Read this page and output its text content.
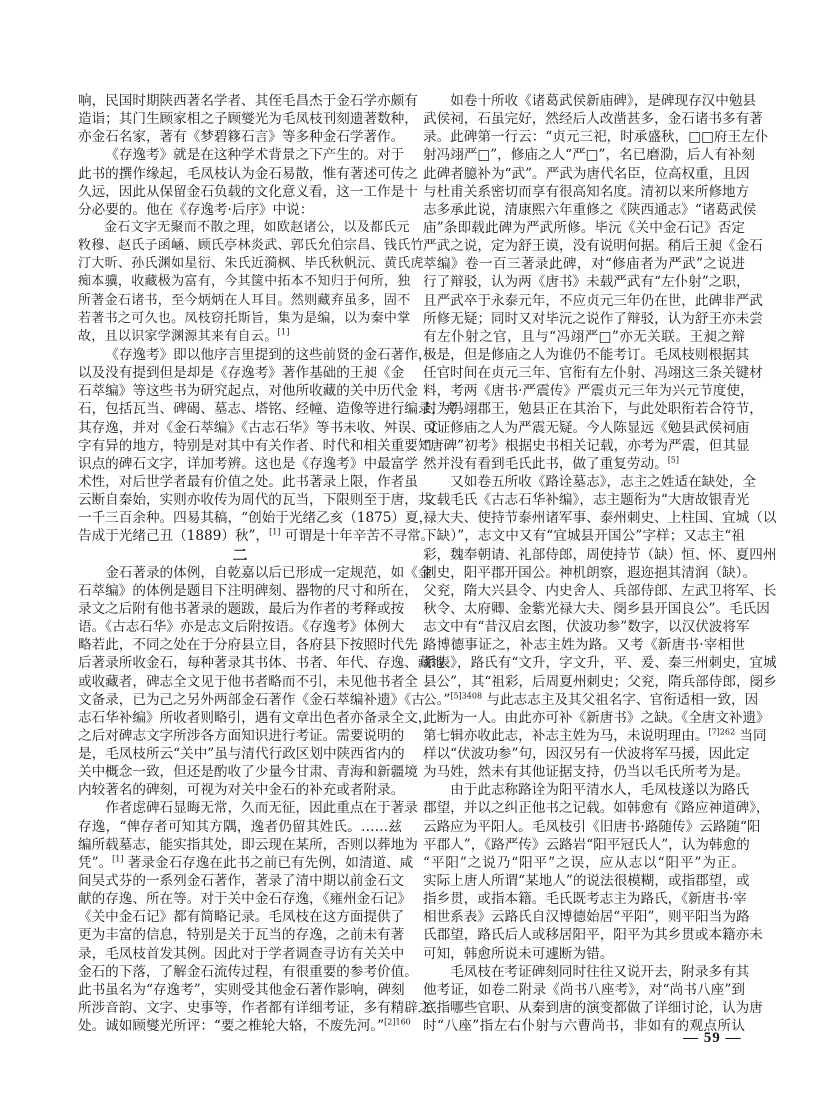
响，民国时期陕西著名学者、其侄毛昌杰于金石学亦颇有
造诣；其门生顾家相之子顾燮光为毛凤枝刊刻遗著数种，
亦金石名家，著有《梦碧簃石言》等多种金石学著作。
《存逸考》就是在这种学术背景之下产生的。对于
此书的撰作缘起，毛凤枝认为金石易散，惟有著述可传之
久远，因此从保留金石负载的文化意义看，这一工作是十
分必要的。他在《存逸考·后序》中说：
金石文字无聚而不散之理，如欧赵诸公，以及都氏元
敉穆、赵氏子函崡、顾氏亭林炎武、郭氏允伯宗昌、钱氏竹
汀大昕、孙氏渊如星衍、朱氏近漪枫、毕氏秋帆沅、黄氏虎
痴本骥，收藏极为富有，今其箧中拓本不知归于何所，独
所著金石诸书，至今炳炳在人耳目。然则藏弃虽多，固不
若著书之可久也。凤枝窃托斯旨，集为是编，以为秦中掌
故，且以识家学渊源其来有自云。[1]
《存逸考》即以他序言里提到的这些前贤的金石著作，
以及没有提到但是却是《存逸考》著作基础的王昶《金
石萃编》等这些书为研究起点，对他所收藏的关中历代金
石，包括瓦当、碑碣、墓志、塔铭、经幢、造像等进行编录，考
其存逸，并对《金石萃编》《古志石华》等书未收、舛误、文
字有异的地方，特别是对其中有关作者、时代和相关重要知
识点的碑石文字，详加考辨。这也是《存逸考》中最富学
术性，对后世学者最有价值之处。此书著录上限，作者虽
云断自秦始，实则亦收传为周代的瓦当，下限则至于唐，共
一千三百余种。四易其稿，“创始于光绪乙亥（1875）夏，
告成于光绪己丑（1889）秋”，[1] 可谓是十年辛苦不寻常。
二
金石著录的体例，自乾嘉以后已形成一定规范，如《金
石萃编》的体例是题目下注明碑刻、器物的尺寸和所在，
录文之后附有他书著录的题跋，最后为作者的考释或按
语。《古志石华》亦是志文后附按语。《存逸考》体例大
略若此，不同之处在于分府县立目，各府县下按照时代先
后著录所收金石，每种著录其书体、书者、年代、存逸、藏地
或收藏者，碑志全文见于他书者略而不引，未见他书者全
文备录，已为己之另外两部金石著作《金石萃编补遗》《古
志石华补编》所收者则略引，遇有文章出色者亦备录全文，
之后对碑志文字所涉各方面知识进行考证。需要说明的
是，毛凤枝所云“关中”虽与清代行政区划中陕西省内的
关中概念一致，但还是酌收了少量今甘肃、青海和新疆境
内较著名的碑刻，可视为对关中金石的补充或者附录。
作者虑碑石显晦无常，久而无征，因此重点在于著录
存逸，“俾存者可知其方隅，逸者仍留其姓氏。……兹
编所载墓志，能实指其处，即云现在某所，否则以葬地为
凭”。[1] 著录金石存逸在此书之前已有先例，如清道、咸
间吴式芬的一系列金石著作，著录了清中期以前金石文
献的存逸、所在等。对于关中金石存逸，《雍州金石记》
《关中金石记》都有简略记录。毛凤枝在这方面提供了
更为丰富的信息，特别是关于瓦当的存逸，之前未有著
录，毛凤枝首发其例。因此对于学者调查寻访有关关中
金石的下落，了解金石流传过程，有很重要的参考价值。
此书虽名为“存逸考”，实则受其他金石著作影响，碑刻
所涉音韵、文字、史事等，作者都有详细考证，多有精辟之
处。诚如顾燮光所评：“要之椎轮大辂，不废先河。”$^{[2]160}$
如卷十所收《诸葛武侯新庙碑》，是碑现存汉中勉县
武侯祠，石虽完好，然经后人改凿甚多，金石诸书多有著
录。此碑第一行云：“贞元三祀，时承盛秋，□□府王左仆
射冯翊严□”，修庙之人“严□”，名已磨泐，后人有补刻
此碑者臆补为“武”。严武为唐代名臣，位高权重，且因
与杜甫关系密切而享有很高知名度。清初以来所修地方
志多承此说，清康熙六年重修之《陕西通志》“诸葛武侯
庙”条即载此碑为严武所修。毕沅《关中金石记》否定
严武之说，定为舒王谟，没有说明何据。稍后王昶《金石
萃编》卷一百三著录此碑，对“修庙者为严武”之说进
行了辩驳，认为两《唐书》未载严武有“左仆射”之职，
且严武卒于永泰元年，不应贞元三年仍在世，此碑非严武
所修无疑；同时又对毕沅之说作了辩驳，认为舒王亦未尝
有左仆射之官，且与“冯翊严□”亦无关联。王昶之辩
极是，但是修庙之人为谁仍不能考订。毛凤枝则根据其
任官时间在贞元三年、官衔有左仆射、冯翊这三条关键材
料，考两《唐书·严震传》严震贞元三年为兴元节度使，
封为冯翊郡王，勉县正在其治下，与此处职衔若合符节，
可证修庙之人为严震无疑。今人陈显远《勉县武侯祠庙
“唐碑”初考》根据史书相关记载，亦考为严震，但其显
然并没有看到毛氏此书，做了重复劳动。[5]
又如卷五所收《路诠墓志》，志主之姓适在缺处，全
文载毛氏《古志石华补编》，志主题衔为“大唐故银青光
禄大夫、使持节泰州诸军事、泰州刺史、上柱国、宜城（以
下缺）”，志文中又有“宜城县开国公”字样；又志主“祖
彩，魏奉朝请、礼部侍郎，周使持节（缺）恒、怀、夏四州
刺史，阳平郡开国公。神机朗察，遐迩挹其清润（缺）。
父兖，隋大兴县令、内史舍人、兵部侍郎、左武卫将军、长
秋令、太府卿、金紫光禄大夫、阌乡县开国良公”。毛氏因
志文中有“昔汉启玄图，伏波功参”数字，以汉伏波将军
路博德事证之，补志主姓为路。又考《新唐书·宰相世
系表》，路氏有“文升，字文升，平、爰、秦三州刺史，宜城
县公”，其“祖彩，后周夏州刺史；父兖，隋兵部侍郎，阌乡
公。”$^{[5]3408}$ 与此志志主及其父祖名字、官衔适相一致，因
此断为一人。由此亦可补《新唐书》之缺。《全唐文补遗》
第七辑亦收此志，补志主姓为马，未说明理由。$^{[7]262}$ 当同
样以“伏波功参”句，因汉另有一伏波将军马援，因此定
为马姓，然未有其他证据支持，仍当以毛氏所考为是。
由于此志称路诠为阳平清水人，毛凤枝遂以为路氏
郡望，并以之纠正他书之记载。如韩愈有《路应神道碑》，
云路应为平阳人。毛凤枝引《旧唐书·路随传》云路随“阳
平郡人”，《路严传》云路岩“阳平冠氏人”，认为韩愈的
“平阳”之说乃“阳平”之误，应从志以“阳平”为正。
实际上唐人所谓“某地人”的说法很模糊，或指郡望，或
指乡贯，或指本籍。毛氏既考志主为路氏，《新唐书·宰
相世系表》云路氏自汉博德始居“平阳”，则平阳当为路
氏郡望，路氏后人或移居阳平，阳平为其乡贯或本籍亦未
可知，韩愈所说未可遽断为错。
毛凤枝在考证碑刻同时往往又说开去，附录多有其
他考证，如卷二附录《尚书八座考》，对“尚书八座”到
底指哪些官职、从秦到唐的演变都做了详细讨论，认为唐
时“八座”指左右仆射与六曹尚书，非如有的观点所认
— 59 —
